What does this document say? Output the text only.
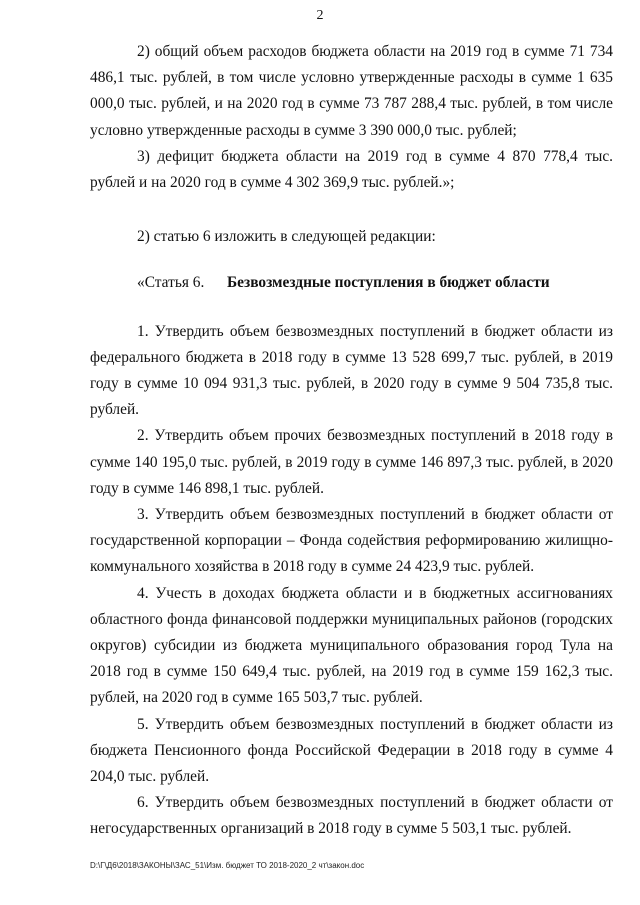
2

2) общий объем расходов бюджета области на 2019 год в сумме 71 734 486,1 тыс. рублей, в том числе условно утвержденные расходы в сумме 1 635 000,0 тыс. рублей, и на 2020 год в сумме 73 787 288,4 тыс. рублей, в том числе условно утвержденные расходы в сумме 3 390 000,0 тыс. рублей;

3) дефицит бюджета области на 2019 год в сумме 4 870 778,4 тыс. рублей и на 2020 год в сумме 4 302 369,9 тыс. рублей.»;

2) статью 6 изложить в следующей редакции:

«Статья 6. Безвозмездные поступления в бюджет области

1. Утвердить объем безвозмездных поступлений в бюджет области из федерального бюджета в 2018 году в сумме 13 528 699,7 тыс. рублей, в 2019 году в сумме 10 094 931,3 тыс. рублей, в 2020 году в сумме 9 504 735,8 тыс. рублей.

2. Утвердить объем прочих безвозмездных поступлений в 2018 году в сумме 140 195,0 тыс. рублей, в 2019 году в сумме 146 897,3 тыс. рублей, в 2020 году в сумме 146 898,1 тыс. рублей.

3. Утвердить объем безвозмездных поступлений в бюджет области от государственной корпорации – Фонда содействия реформированию жилищно-коммунального хозяйства в 2018 году в сумме 24 423,9 тыс. рублей.

4. Учесть в доходах бюджета области и в бюджетных ассигнованиях областного фонда финансовой поддержки муниципальных районов (городских округов) субсидии из бюджета муниципального образования город Тула на 2018 год в сумме 150 649,4 тыс. рублей, на 2019 год в сумме 159 162,3 тыс. рублей, на 2020 год в сумме 165 503,7 тыс. рублей.

5. Утвердить объем безвозмездных поступлений в бюджет области из бюджета Пенсионного фонда Российской Федерации в 2018 году в сумме 4 204,0 тыс. рублей.

6. Утвердить объем безвозмездных поступлений в бюджет области от негосударственных организаций в 2018 году в сумме 5 503,1 тыс. рублей.

D:\Г\Д6\2018\ЗАКОНЫ\ЗАС_51\Изм. бюджет ТО 2018-2020_2 чт\закон.doc
